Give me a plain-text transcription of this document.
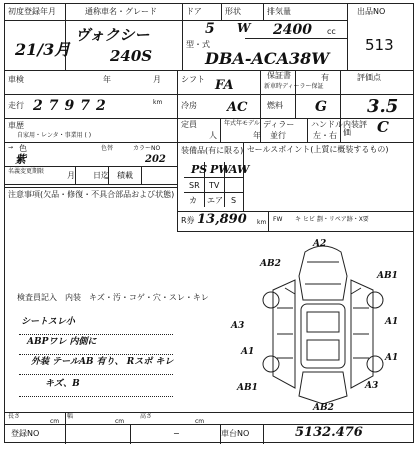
初度登録年月
21/3月
通称車名・グレード
ヴォクシー
240S
ドア
5
形状
W
排気量
2400 cc
型・式
DBA-ACA38W
出品NO
513
車検	年	月	シフト FA
保証書
新車時ディーラー保証
有	評価点
3.5
走行 27972	km 冷房 AC 燃料 G
車歴
自家用・レンタ・事業用 ( )
定員
人
年式年モデル
年
ディラー
並行
ハンドル
左・右
内装評価	C
→ 色
紫
色替	カラーNO
202
名義変更期限	月 日迄 積載
注意事項(欠品・修復・不具合部品および状態)
装備品(有に限る)
PS PW
AW
SR TV
カ エア S
R券 13,890 km
セールスポイント(上質に概装するもの)
FW キ ヒビ 劃・リペア跡・X要
検査員記入 内装 キズ・汚・コゲ・穴・スレ・キレ
シートスレ小
ABPワレ 内側に
外装 テールAB 有り、 Rスポ キレ
キズ、B
A2
AB2
AB1
A3
A1
A1
A1
AB1	A3
AB2
長さ
cm
幅
cm
高さ
cm
登録NO	−	車台NO	5132.476
